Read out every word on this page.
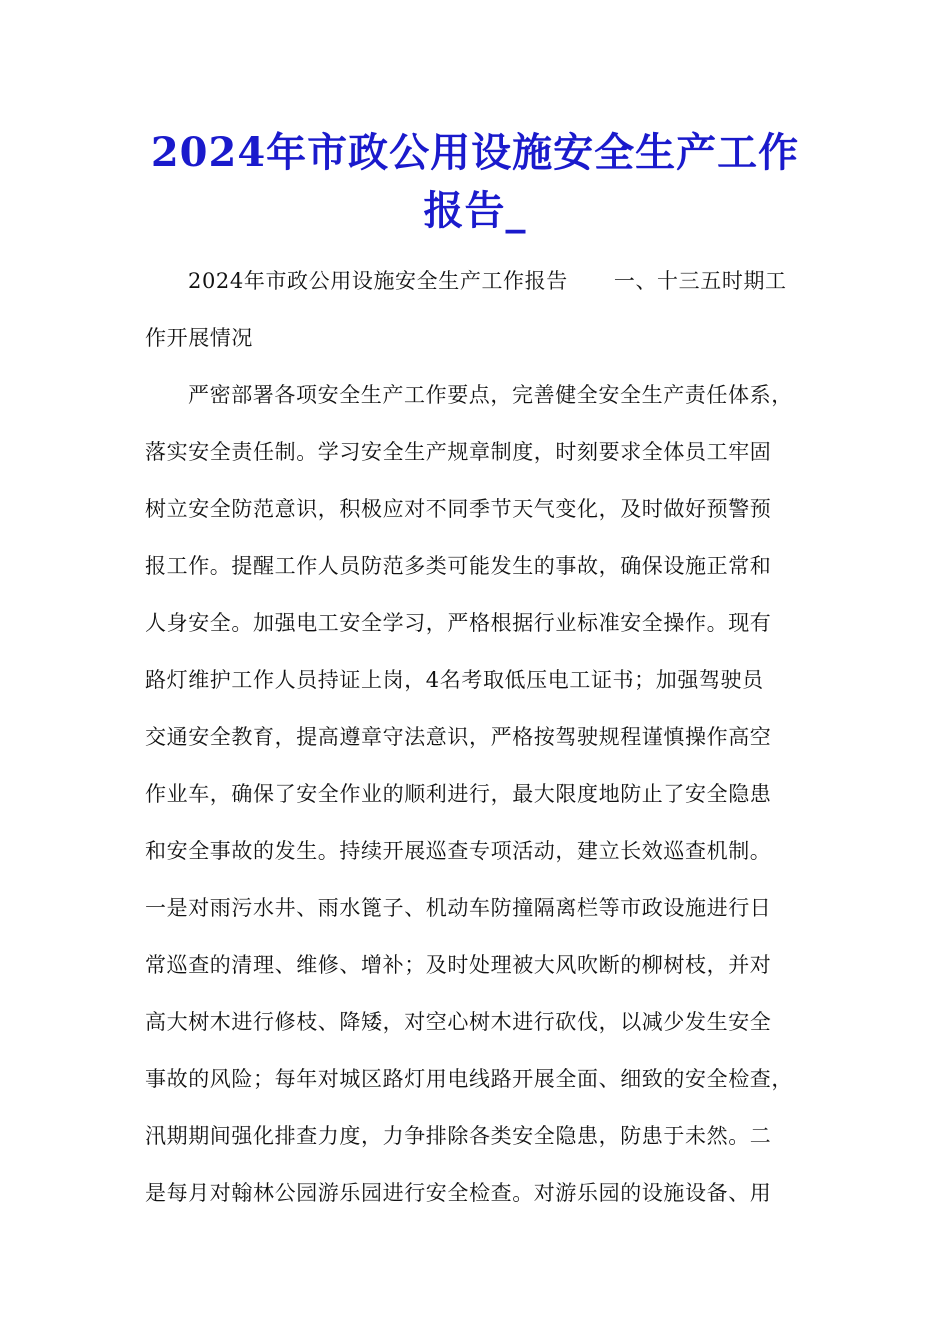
2024年市政公用设施安全生产工作
报告_
2024年市政公用设施安全生产工作报告 一、十三五时期工
作开展情况
严密部署各项安全生产工作要点，完善健全安全生产责任体系，
落实安全责任制。学习安全生产规章制度，时刻要求全体员工牢固
树立安全防范意识，积极应对不同季节天气变化，及时做好预警预
报工作。提醒工作人员防范多类可能发生的事故，确保设施正常和
人身安全。加强电工安全学习，严格根据行业标准安全操作。现有
路灯维护工作人员持证上岗，4名考取低压电工证书；加强驾驶员
交通安全教育，提高遵章守法意识，严格按驾驶规程谨慎操作高空
作业车，确保了安全作业的顺利进行，最大限度地防止了安全隐患
和安全事故的发生。持续开展巡查专项活动，建立长效巡查机制。
一是对雨污水井、雨水篦子、机动车防撞隔离栏等市政设施进行日
常巡查的清理、维修、增补；及时处理被大风吹断的柳树枝，并对
高大树木进行修枝、降矮，对空心树木进行砍伐，以减少发生安全
事故的风险；每年对城区路灯用电线路开展全面、细致的安全检查，
汛期期间强化排查力度，力争排除各类安全隐患，防患于未然。二
是每月对翰林公园游乐园进行安全检查。对游乐园的设施设备、用
